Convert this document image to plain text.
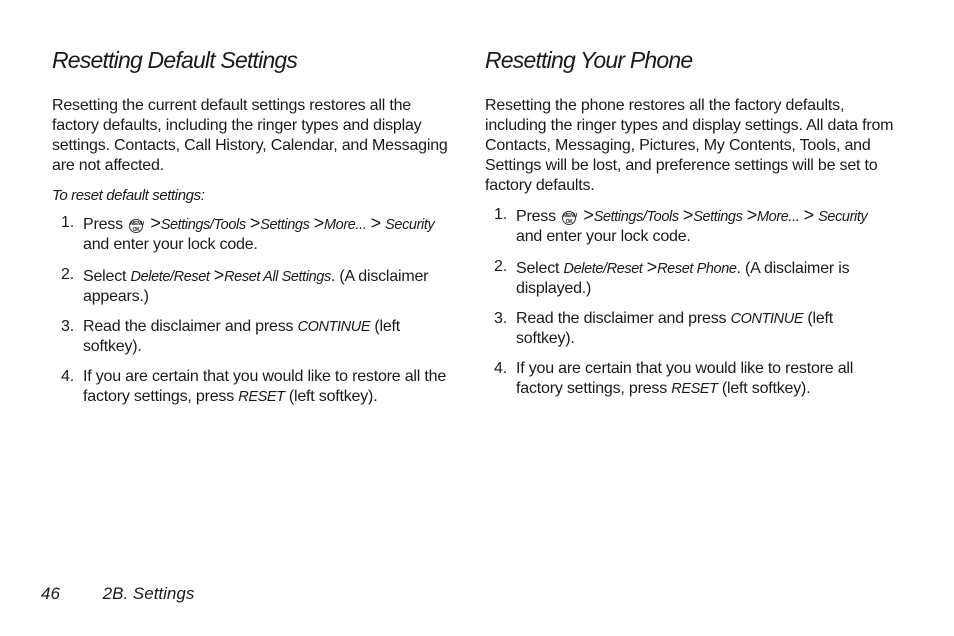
Resetting Default Settings

Resetting the current default settings restores all the factory defaults, including the ringer types and display settings. Contacts, Call History, Calendar, and Messaging are not affected.

To reset default settings:

1. Press MENU
OK >Settings/Tools >Settings >More... > Security and enter your lock code.
2. Select Delete/Reset >Reset All Settings. (A disclaimer appears.)
3. Read the disclaimer and press CONTINUE (left softkey).
4. If you are certain that you would like to restore all the factory settings, press RESET (left softkey).
Resetting Your Phone

Resetting the phone restores all the factory defaults, including the ringer types and display settings. All data from Contacts, Messaging, Pictures, My Contents, Tools, and Settings will be lost, and preference settings will be set to factory defaults.

1. Press MENU
OK >Settings/Tools >Settings >More... > Security and enter your lock code.
2. Select Delete/Reset >Reset Phone. (A disclaimer is displayed.)
3. Read the disclaimer and press CONTINUE (left softkey).
4. If you are certain that you would like to restore all factory settings, press RESET (left softkey).
46	2B. Settings
